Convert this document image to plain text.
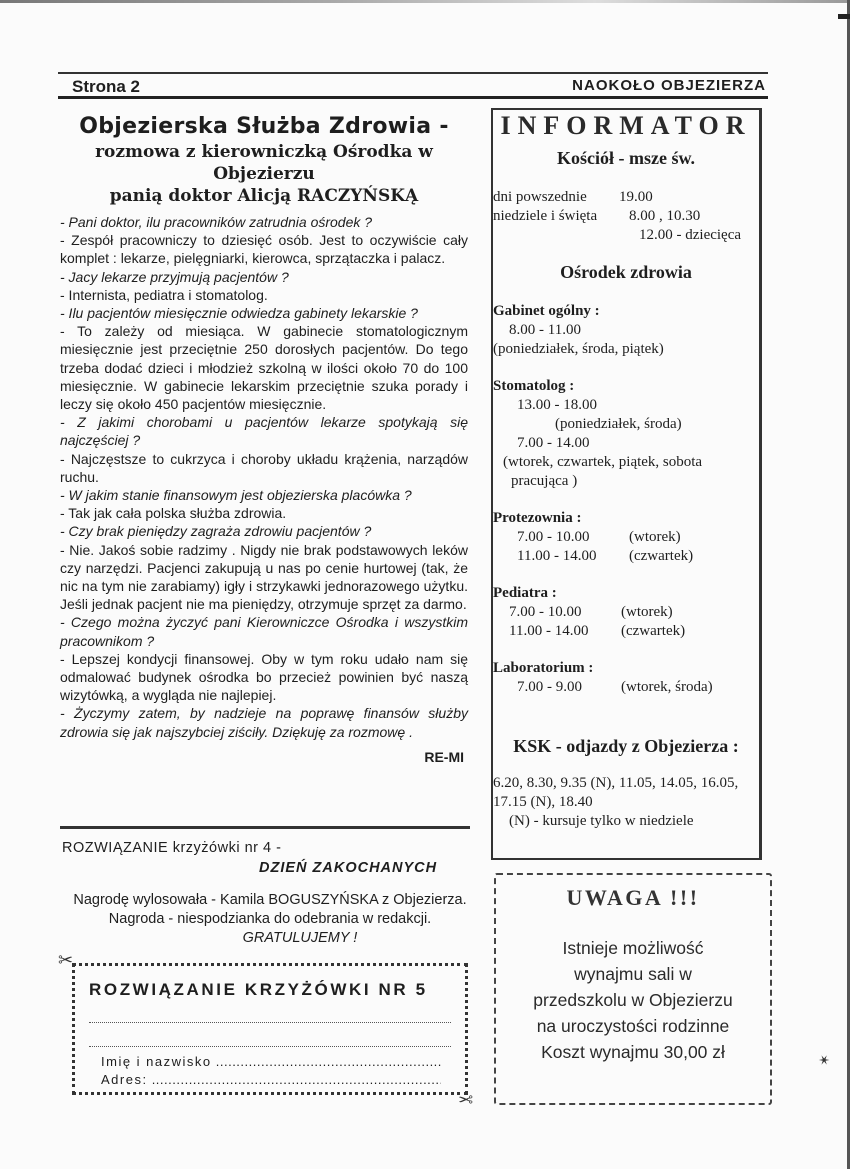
Strona 2	NAOKOŁO OBJEZIERZA
Objezierska Służba Zdrowia -
rozmowa z kierowniczką Ośrodka w
Objezierzu
panią doktor Alicją RACZYŃSKĄ

- Pani doktor, ilu pracowników zatrudnia ośrodek ?

- Zespół pracowniczy to dziesięć osób. Jest to oczywiście cały komplet : lekarze, pielęgniarki, kierowca, sprzątaczka i palacz.

- Jacy lekarze przyjmują pacjentów ?

- Internista, pediatra i stomatolog.

- Ilu pacjentów miesięcznie odwiedza gabinety lekarskie ?

- To zależy od miesiąca. W gabinecie stomatologicznym miesięcznie jest przeciętnie 250 dorosłych pacjentów. Do tego trzeba dodać dzieci i młodzież szkolną w ilości około 70 do 100 miesięcznie. W gabinecie lekarskim przeciętnie szuka porady i leczy się około 450 pacjentów miesięcznie.

- Z jakimi chorobami u pacjentów lekarze spotykają się najczęściej ?

- Najczęstsze to cukrzyca i choroby układu krążenia, narządów ruchu.

- W jakim stanie finansowym jest objezierska placówka ?

- Tak jak cała polska służba zdrowia.

- Czy brak pieniędzy zagraża zdrowiu pacjentów ?

- Nie. Jakoś sobie radzimy . Nigdy nie brak podstawowych leków czy narzędzi. Pacjenci zakupują u nas po cenie hurtowej (tak, że nic na tym nie zarabiamy) igły i strzykawki jednorazowego użytku. Jeśli jednak pacjent nie ma pieniędzy, otrzymuje sprzęt za darmo.

- Czego można życzyć pani Kierowniczce Ośrodka i wszystkim pracownikom ?

- Lepszej kondycji finansowej. Oby w tym roku udało nam się odmalować budynek ośrodka bo przecież powinien być naszą wizytówką, a wygląda nie najlepiej.

- Życzymy zatem, by nadzieje na poprawę finansów służby zdrowia się jak najszybciej ziściły. Dziękuję za rozmowę .

RE-MI
ROZWIĄZANIE krzyżówki nr 4 -
DZIEŃ ZAKOCHANYCH
Nagrodę wylosowała - Kamila BOGUSZYŃSKA z Objezierza. Nagroda - niespodzianka do odebrania w redakcji. GRATULUJEMY !
✂
ROZWIĄZANIE KRZYŻÓWKI NR 5
Imię i nazwisko .....
Adres: .....
✂
INFORMATOR
Kościół - msze św.
dni powszednie	19.00
niedziele i święta	8.00 , 10.30
12.00 - dziecięca
Ośrodek zdrowia
Gabinet ogólny :
8.00 - 11.00
(poniedziałek, środa, piątek)
Stomatolog :
13.00 - 18.00
(poniedziałek, środa)
7.00 - 14.00
(wtorek, czwartek, piątek, sobota
pracująca )
Protezownia :
7.00 - 10.00	(wtorek)
11.00 - 14.00 (czwartek)
Pediatra :
7.00 - 10.00	(wtorek)
11.00 - 14.00 (czwartek)
Laboratorium :
7.00 - 9.00	(wtorek, środa)
KSK - odjazdy z Objezierza :
6.20, 8.30, 9.35 (N), 11.05, 14.05, 16.05, 17.15 (N), 18.40
(N) - kursuje tylko w niedziele
UWAGA !!!
Istnieje możliwość
wynajmu sali w
przedszkolu w Objezierzu
na uroczystości rodzinne
Koszt wynajmu 30,00 zł	✶
